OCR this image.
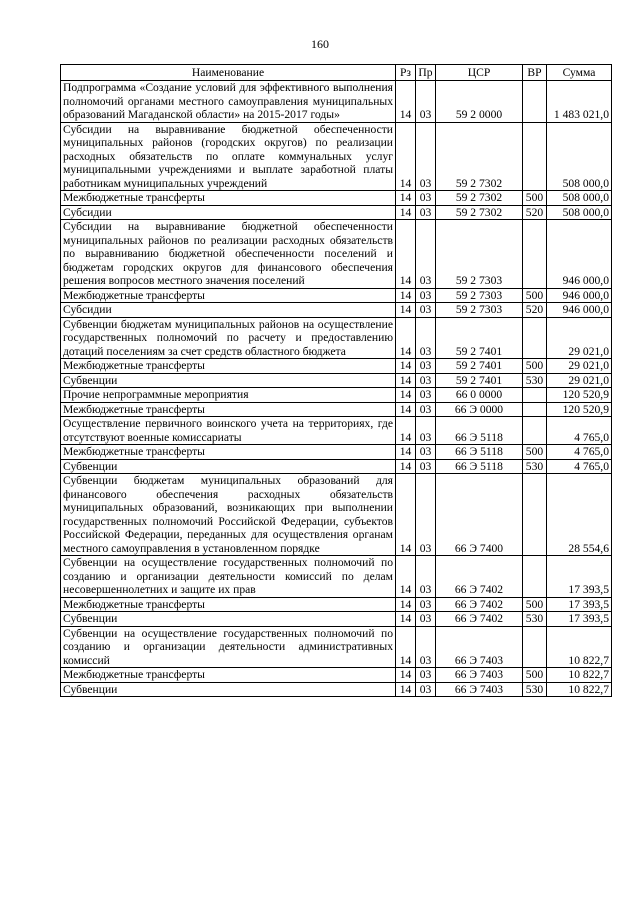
160
Наименование	Рз	Пр	ЦСР	ВР	Сумма
Подпрограмма «Создание условий для эффективного выполнения полномочий органами местного самоуправления муниципальных образований Магаданской области» на 2015-2017 годы»	14	03	59 2 0000		1 483 021,0
Субсидии на выравнивание бюджетной обеспеченности муниципальных районов (городских округов) по реализации расходных обязательств по оплате коммунальных услуг муниципальными учреждениями и выплате заработной платы работникам муниципальных учреждений	14	03	59 2 7302		508 000,0
Межбюджетные трансферты	14	03	59 2 7302	500	508 000,0
Субсидии	14	03	59 2 7302	520	508 000,0
Субсидии на выравнивание бюджетной обеспеченности муниципальных районов по реализации расходных обязательств по выравниванию бюджетной обеспеченности поселений и бюджетам городских округов для финансового обеспечения решения вопросов местного значения поселений	14	03	59 2 7303		946 000,0
Межбюджетные трансферты	14	03	59 2 7303	500	946 000,0
Субсидии	14	03	59 2 7303	520	946 000,0
Субвенции бюджетам муниципальных районов на осуществление государственных полномочий по расчету и предоставлению дотаций поселениям за счет средств областного бюджета	14	03	59 2 7401		29 021,0
Межбюджетные трансферты	14	03	59 2 7401	500	29 021,0
Субвенции	14	03	59 2 7401	530	29 021,0
Прочие непрограммные мероприятия	14	03	66 0 0000		120 520,9
Межбюджетные трансферты	14	03	66 Э 0000		120 520,9
Осуществление первичного воинского учета на территориях, где отсутствуют военные комиссариаты	14	03	66 Э 5118		4 765,0
Межбюджетные трансферты	14	03	66 Э 5118	500	4 765,0
Субвенции	14	03	66 Э 5118	530	4 765,0
Субвенции бюджетам муниципальных образований для финансового обеспечения расходных обязательств муниципальных образований, возникающих при выполнении государственных полномочий Российской Федерации, субъектов Российской Федерации, переданных для осуществления органам местного самоуправления в установленном порядке	14	03	66 Э 7400		28 554,6
Субвенции на осуществление государственных полномочий по созданию и организации деятельности комиссий по делам несовершеннолетних и защите их прав	14	03	66 Э 7402		17 393,5
Межбюджетные трансферты	14	03	66 Э 7402	500	17 393,5
Субвенции	14	03	66 Э 7402	530	17 393,5
Субвенции на осуществление государственных полномочий по созданию и организации деятельности административных комиссий	14	03	66 Э 7403		10 822,7
Межбюджетные трансферты	14	03	66 Э 7403	500	10 822,7
Субвенции	14	03	66 Э 7403	530	10 822,7
